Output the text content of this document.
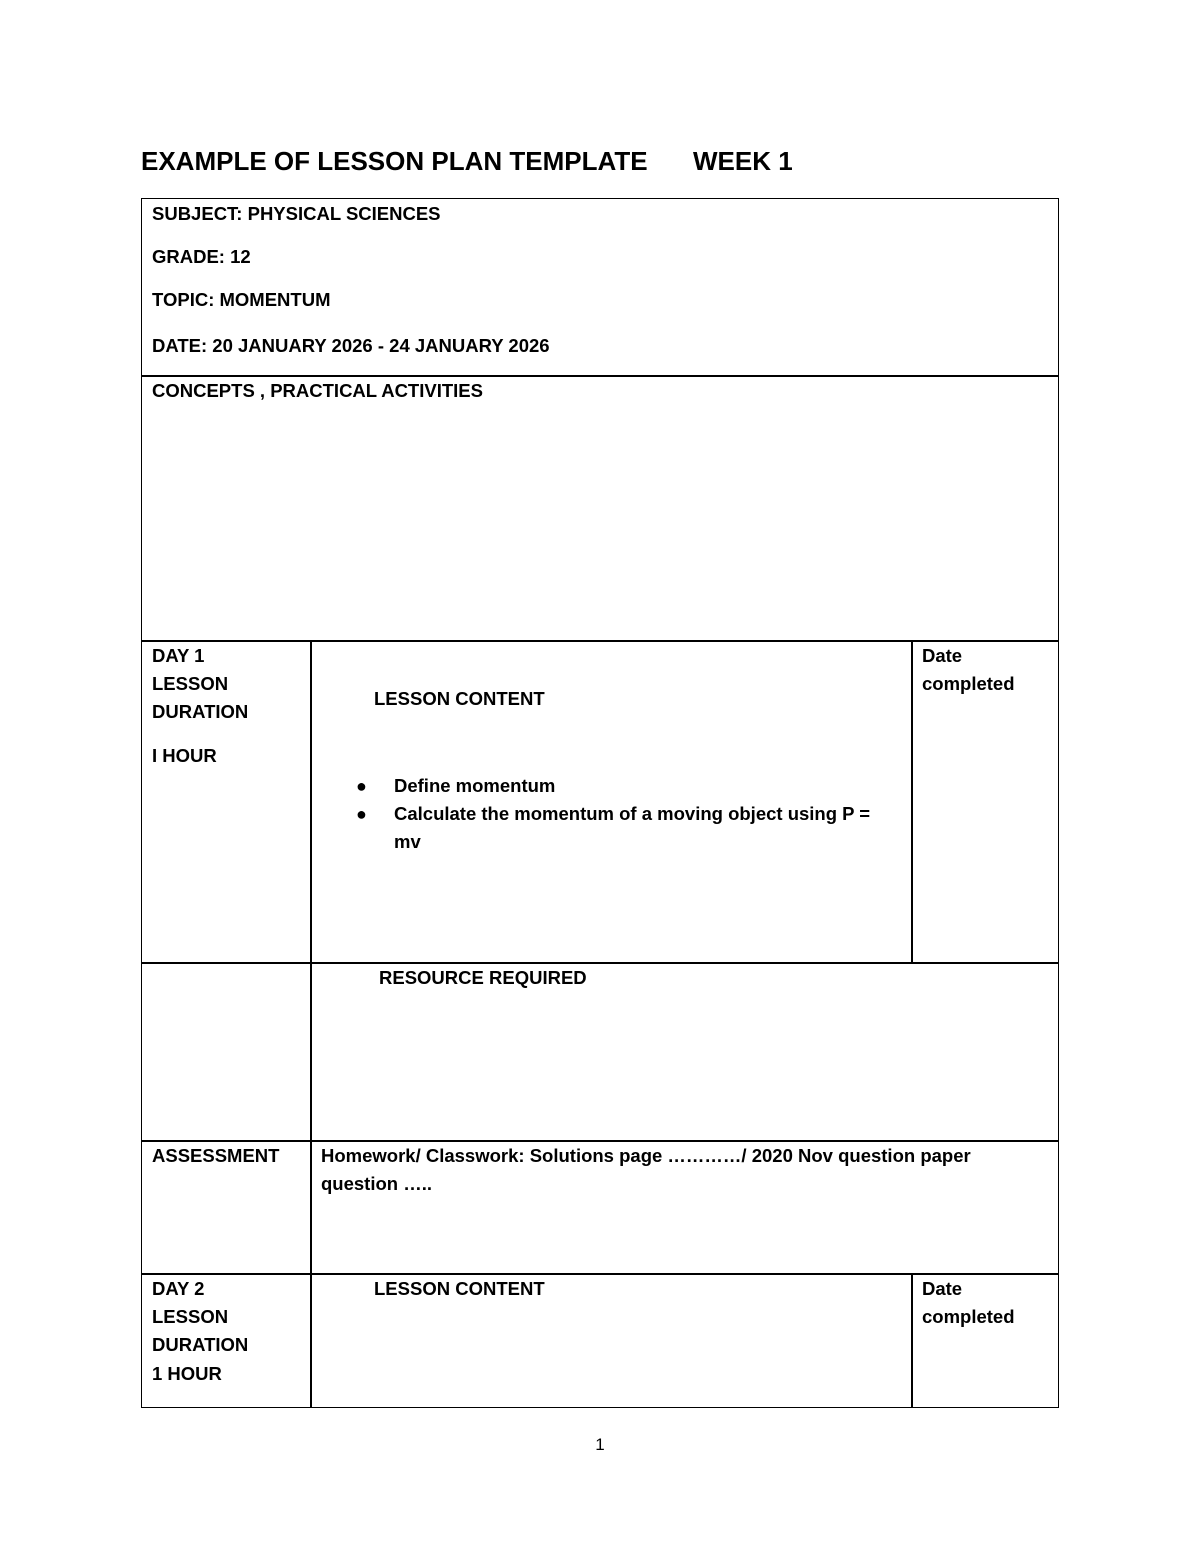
EXAMPLE OF LESSON PLAN TEMPLATE WEEK 1
SUBJECT: PHYSICAL SCIENCES
GRADE: 12
TOPIC: MOMENTUM
DATE: 20 JANUARY 2026 - 24 JANUARY 2026
CONCEPTS , PRACTICAL ACTIVITIES
DAY 1
LESSON
DURATION
I HOUR
LESSON CONTENT
● Define momentum
● Calculate the momentum of a moving object using P = mv
Date completed
RESOURCE REQUIRED
ASSESSMENT Homework/ Classwork: Solutions page …………/ 2020 Nov question paper question …..
DAY 2
LESSON
DURATION
1 HOUR
LESSON CONTENT	Date completed
1
